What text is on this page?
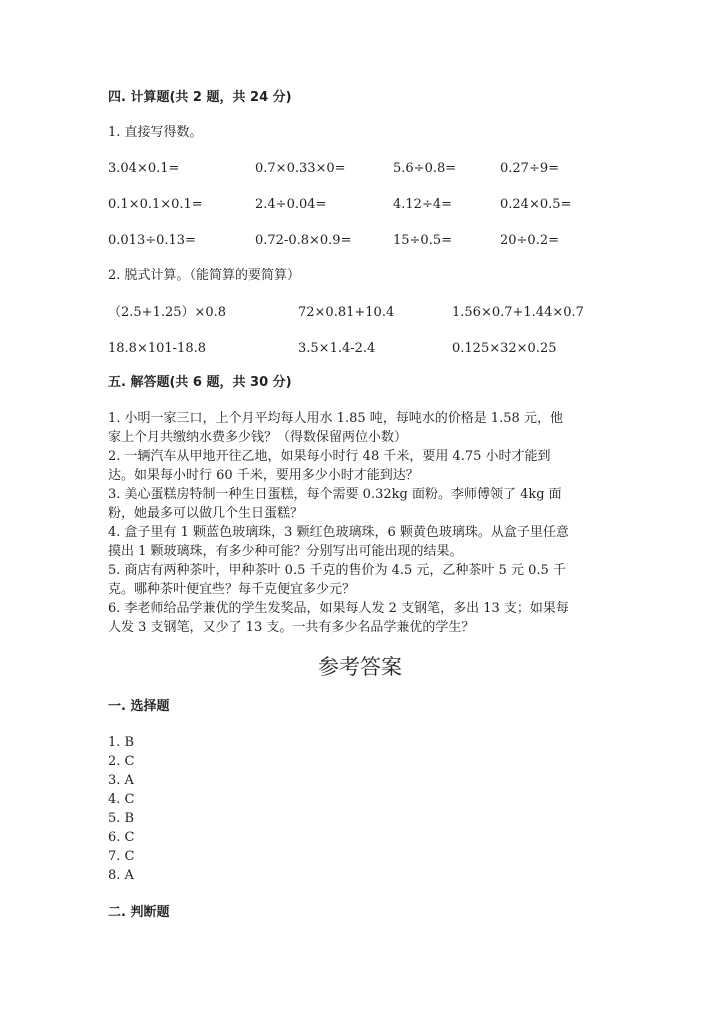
四. 计算题(共 2 题，共 24 分)
1. 直接写得数。
3.04×0.1=	0.7×0.33×0=	5.6÷0.8=	0.27÷9=
0.1×0.1×0.1=	2.4÷0.04=	4.12÷4=	0.24×0.5=
0.013÷0.13=	0.72-0.8×0.9=	15÷0.5=	20÷0.2=
2. 脱式计算。（能简算的要简算）
（2.5+1.25）×0.8	72×0.81+10.4	1.56×0.7+1.44×0.7
18.8×101-18.8	3.5×1.4-2.4	0.125×32×0.25
五. 解答题(共 6 题，共 30 分)
1. 小明一家三口，上个月平均每人用水 1.85 吨，每吨水的价格是 1.58 元，他
家上个月共缴纳水费多少钱？（得数保留两位小数）
2. 一辆汽车从甲地开往乙地，如果每小时行 48 千米，要用 4.75 小时才能到
达。如果每小时行 60 千米，要用多少小时才能到达？
3. 美心蛋糕房特制一种生日蛋糕，每个需要 0.32kg 面粉。李师傅领了 4kg 面
粉，她最多可以做几个生日蛋糕？
4. 盒子里有 1 颗蓝色玻璃珠，3 颗红色玻璃珠，6 颗黄色玻璃珠。从盒子里任意
摸出 1 颗玻璃珠，有多少种可能？分别写出可能出现的结果。
5. 商店有两种茶叶，甲种茶叶 0.5 千克的售价为 4.5 元，乙种茶叶 5 元 0.5 千
克。哪种茶叶便宜些？每千克便宜多少元？
6. 李老师给品学兼优的学生发奖品，如果每人发 2 支钢笔，多出 13 支；如果每
人发 3 支钢笔，又少了 13 支。一共有多少名品学兼优的学生？
参考答案
一. 选择题
1. B
2. C
3. A
4. C
5. B
6. C
7. C
8. A
二. 判断题
